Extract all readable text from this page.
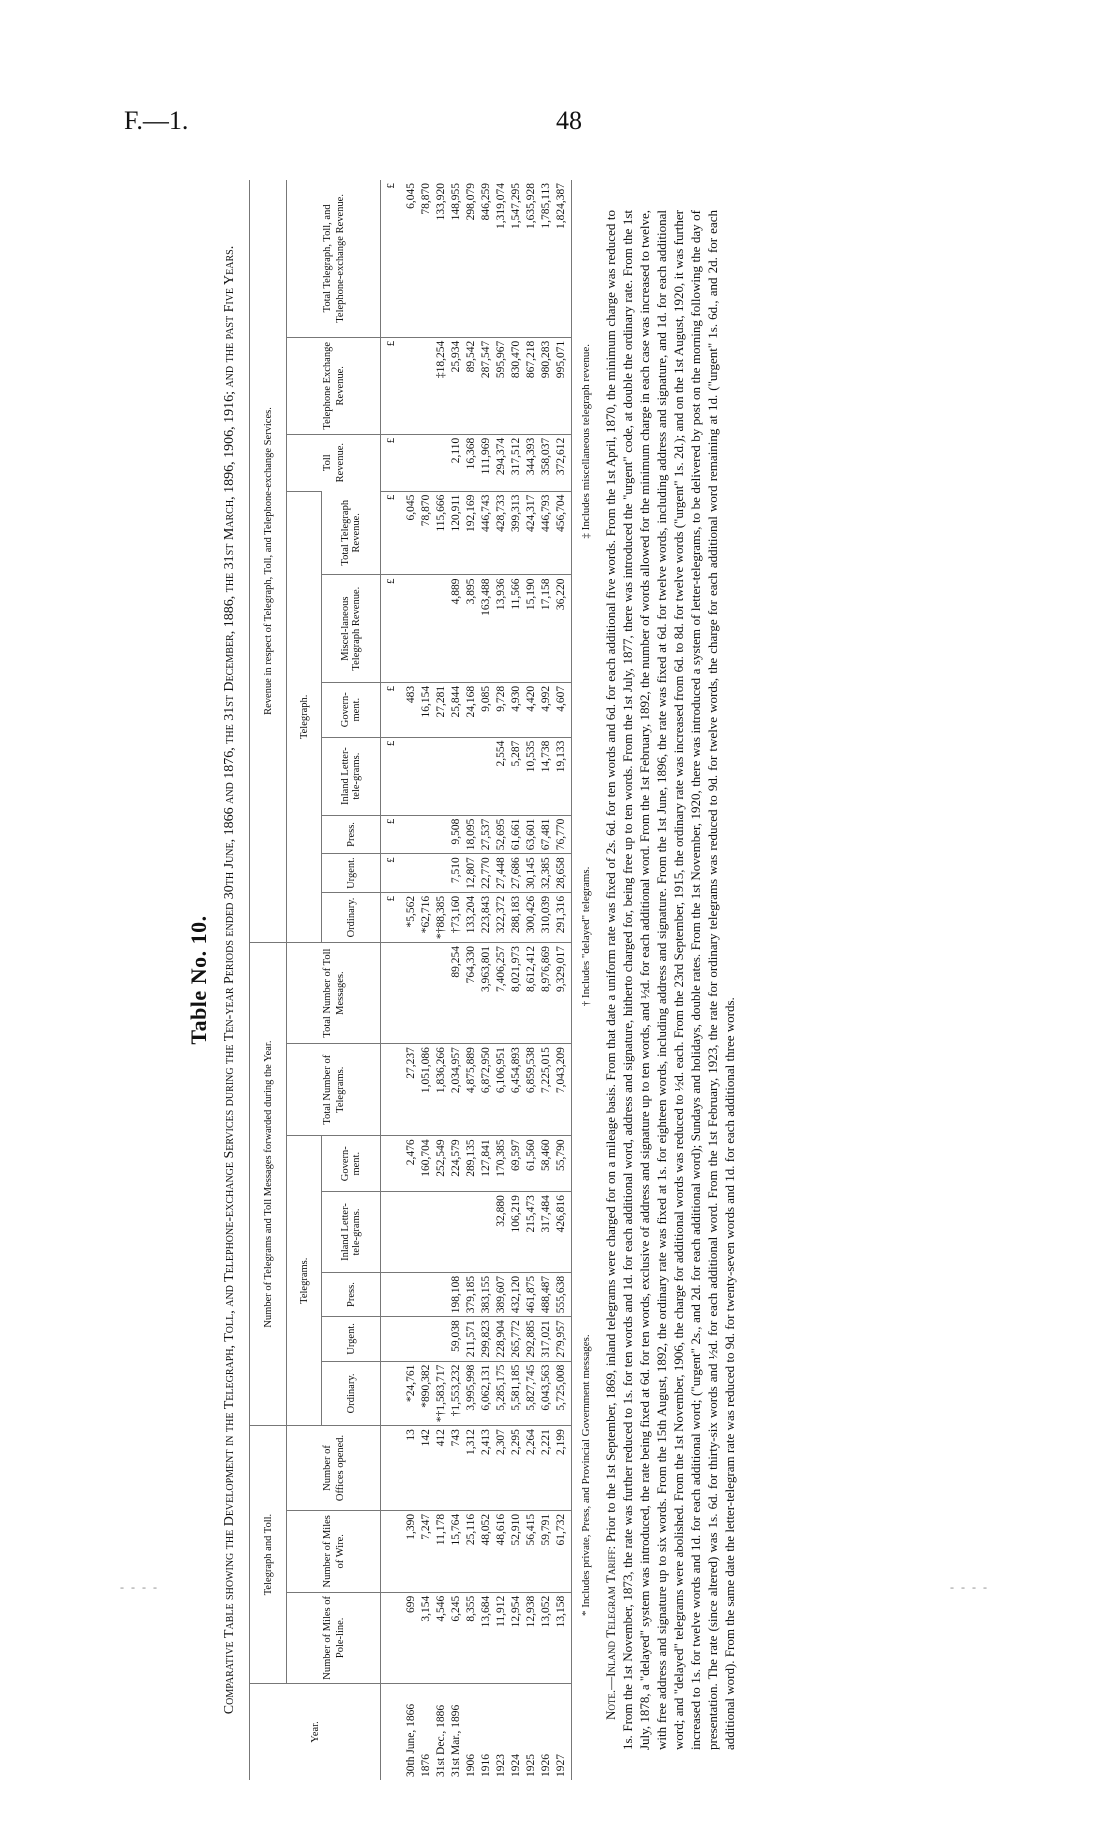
F.—1.	48
- - - -	- - - -
Table No. 10. Comparative Table showing the Development in the Telegraph, Toll, and Telephone-exchange Services during the Ten-year Periods ended 30th June, 1866 and 1876, the 31st December, 1886, the 31st March, 1896, 1906, 1916; and the past Five Years.
Year.	Telegraph and Toll.			Number of Telegrams and Toll Messages forwarded during the Year.							Revenue in respect of Telegraph, Toll, and Telephone-exchange Services.									
	Number of Miles of Pole-line.	Number of Miles of Wire.	Number of Offices opened.	Telegrams.					Total Number of Telegrams.	Total Number of Toll Messages.	Telegraph.							Toll Revenue.	Telephone Exchange Revenue.	Total Telegraph, Toll, and Telephone-exchange Revenue.
				Ordinary.	Urgent.	Press.	Inland Letter-tele-grams.	Govern-ment.			Ordinary.	Urgent.	Press.	Inland Letter-tele-grams.	Govern-ment.	Miscel-laneous Telegraph Revenue.	Total Telegraph Revenue.			
											£	£	£	£	£	£	£	£	£	£
30th June, 1866	699	1,390	13	*24,761				2,476	27,237		*5,562				483		6,045			6,045
1876	3,154	7,247	142	*890,382				160,704	1,051,086		*62,716				16,154		78,870			78,870
31st Dec., 1886	4,546	11,178	412	*†1,583,717				252,549	1,836,266		*†88,385				27,281		115,666		‡18,254	133,920
31st Mar., 1896	6,245	15,764	743	†1,553,232	59,038	198,108		224,579	2,034,957	89,254	†73,160	7,510	9,508		25,844	4,889	120,911	2,110	25,934	148,955
1906	8,355	25,116	1,312	3,995,998	211,571	379,185		289,135	4,875,889	764,330	133,204	12,807	18,095		24,168	3,895	192,169	16,368	89,542	298,079
1916	13,684	48,052	2,413	6,062,131	299,823	383,155		127,841	6,872,950	3,963,801	223,843	22,770	27,537		9,085	163,488	446,743	111,969	287,547	846,259
1923	11,912	48,616	2,307	5,285,175	228,904	389,607	32,880	170,385	6,106,951	7,406,257	322,372	27,448	52,695	2,554	9,728	13,936	428,733	294,374	595,967	1,319,074
1924	12,954	52,910	2,295	5,581,185	265,772	432,120	106,219	69,597	6,454,893	8,021,973	288,183	27,686	61,661	5,287	4,930	11,566	399,313	317,512	830,470	1,547,295
1925	12,938	56,415	2,264	5,827,745	292,885	461,875	215,473	61,560	6,859,538	8,612,412	300,426	30,145	63,601	10,535	4,420	15,190	424,317	344,393	867,218	1,635,928
1926	13,052	59,791	2,221	6,043,563	317,021	488,487	317,484	58,460	7,225,015	8,976,869	310,039	32,385	67,481	14,738	4,992	17,158	446,793	358,037	980,283	1,785,113
1927	13,158	61,732	2,199	5,725,008	279,957	555,638	426,816	55,790	7,043,209	9,329,017	291,316	28,658	76,770	19,133	4,607	36,220	456,704	372,612	995,071	1,824,387
* Includes private, Press, and Provincial Government messages.
† Includes "delayed" telegrams.
‡ Includes miscellaneous telegraph revenue.

Note.—Inland Telegram Tariff: Prior to the 1st September, 1869, inland telegrams were charged for on a mileage basis. From that date a uniform rate was fixed of 2s. 6d. for ten words and 6d. for each additional five words. From the 1st April, 1870, the minimum charge was reduced to 1s. From the 1st November, 1873, the rate was further reduced to 1s. for ten words and 1d. for each additional word, address and signature, hitherto charged for, being free up to ten words. From the 1st July, 1877, there was introduced the "urgent" code, at double the ordinary rate. From the 1st July, 1878, a "delayed" system was introduced, the rate being fixed at 6d. for ten words, exclusive of address and signature up to ten words, and ½d. for each additional word. From the 1st February, 1892, the number of words allowed for the minimum charge in each case was increased to twelve, with free address and signature up to six words. From the 15th August, 1892, the ordinary rate was fixed at 1s. for eighteen words, including address and signature. From the 1st June, 1896, the rate was fixed at 6d. for twelve words, including address and signature, and 1d. for each additional word; and "delayed" telegrams were abolished. From the 1st November, 1906, the charge for additional words was reduced to ½d. each. From the 23rd September, 1915, the ordinary rate was increased from 6d. to 8d. for twelve words ("urgent" 1s. 2d.); and on the 1st August, 1920, it was further increased to 1s. for twelve words and 1d. for each additional word; ("urgent" 2s., and 2d. for each additional word); Sundays and holidays, double rates. From the 1st November, 1920, there was introduced a system of letter-telegrams, to be delivered by post on the morning following the day of presentation. The rate (since altered) was 1s. 6d. for thirty-six words and ½d. for each additional word. From the 1st February, 1923, the rate for ordinary telegrams was reduced to 9d. for twelve words, the charge for each additional word remaining at 1d. ("urgent" 1s. 6d., and 2d. for each additional word). From the same date the letter-telegram rate was reduced to 9d. for twenty-seven words and 1d. for each additional three words.
